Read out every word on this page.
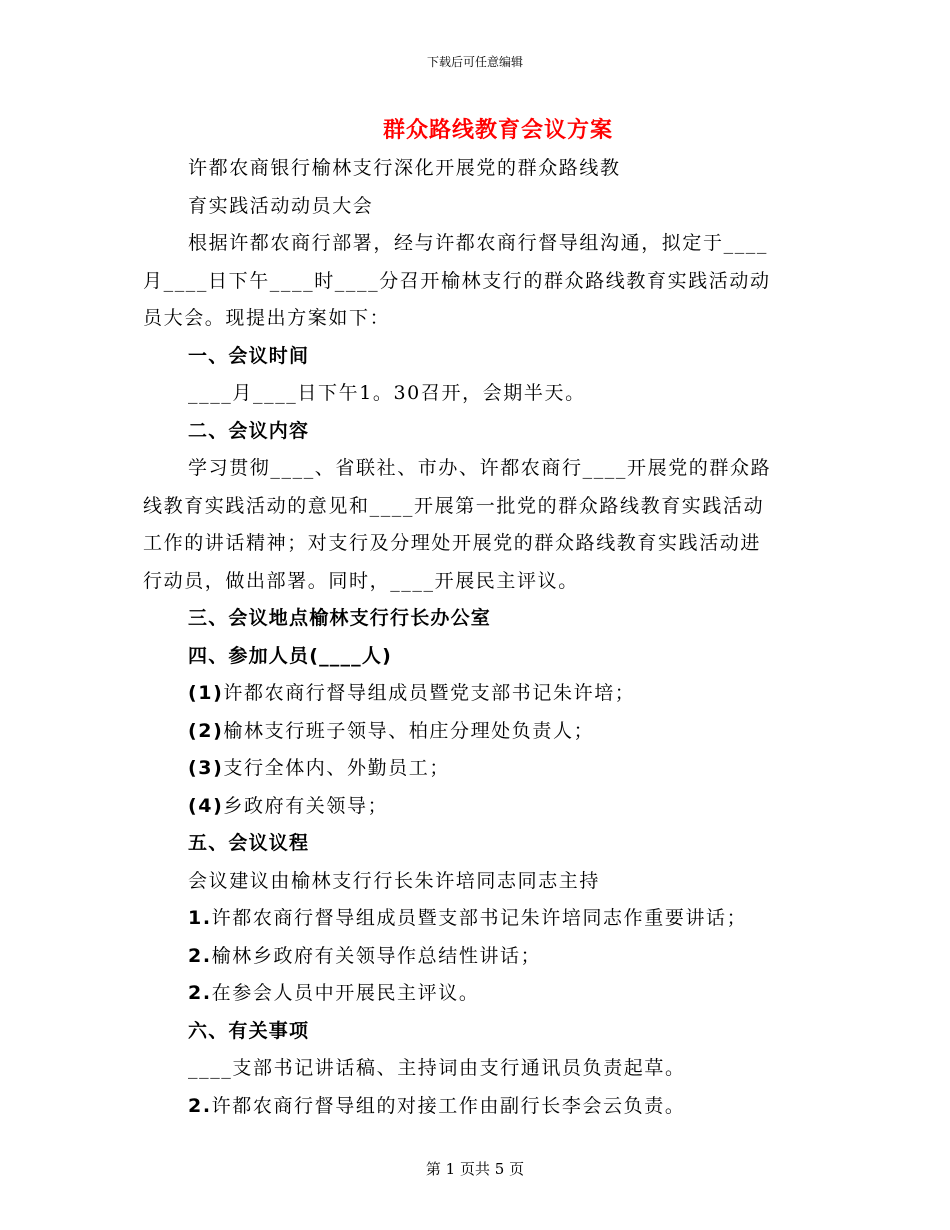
下载后可任意编辑
群众路线教育会议方案

许都农商银行榆林支行深化开展党的群众路线教

育实践活动动员大会

根据许都农商行部署，经与许都农商行督导组沟通，拟定于____

月____日下午____时____分召开榆林支行的群众路线教育实践活动动

员大会。现提出方案如下：

一、会议时间

____月____日下午1。30召开，会期半天。

二、会议内容

学习贯彻____、省联社、市办、许都农商行____开展党的群众路

线教育实践活动的意见和____开展第一批党的群众路线教育实践活动

工作的讲话精神；对支行及分理处开展党的群众路线教育实践活动进

行动员，做出部署。同时，____开展民主评议。

三、会议地点榆林支行行长办公室

四、参加人员(____人)

(1)许都农商行督导组成员暨党支部书记朱许培；

(2)榆林支行班子领导、柏庄分理处负责人；

(3)支行全体内、外勤员工；

(4)乡政府有关领导；

五、会议议程

会议建议由榆林支行行长朱许培同志同志主持

1.许都农商行督导组成员暨支部书记朱许培同志作重要讲话；

2.榆林乡政府有关领导作总结性讲话；

2.在参会人员中开展民主评议。

六、有关事项

____支部书记讲话稿、主持词由支行通讯员负责起草。

2.许都农商行督导组的对接工作由副行长李会云负责。

第 1 页共 5 页
